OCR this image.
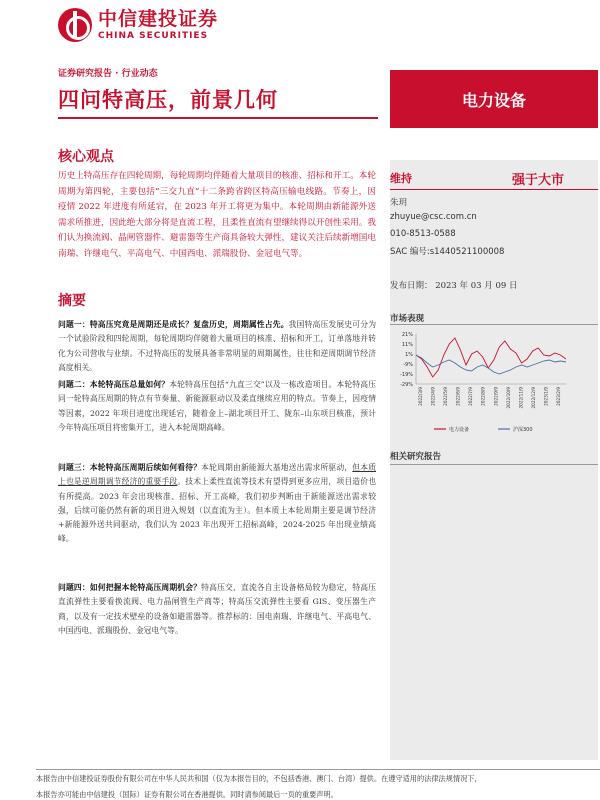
中信建投证券
CHINA SECURITIES
证券研究报告 · 行业动态
四问特高压，前景几何	电力设备
核心观点
历史上特高压存在四轮周期，每轮周期均伴随着大量项目的核准、招标和开工。本轮周期为第四轮，主要包括“三交九直”十二条跨省跨区特高压输电线路。节奏上，因疫情 2022 年进度有所延宕，在 2023 年开工将更为集中。本轮周期由新能源外送需求所推进，因此绝大部分将是直流工程，且柔性直流有望继续得以开创性采用。我们认为换流阀、晶闸管器件、避雷器等生产商具备较大弹性，建议关注后续新增国电南瑞、许继电气、平高电气、中国西电、派瑞股份、金冠电气等。
摘要
问题一：特高压究竟是周期还是成长？复盘历史，周期属性占先。我国特高压发展史可分为一个试验阶段和四轮周期，每轮周期均伴随着大量项目的核准、招标和开工，订单落地并转化为公司营收与业绩。不过特高压的发展具备非常明显的周期属性，往往和逆周期调节经济高度相关。
问题二：本轮特高压总量如何？本轮特高压包括“九直三交”以及一栋改造项目。本轮特高压同一轮特高压周期的特点有节奏量、新能源驱动以及柔直继续应用的特点。节奏上，因疫情等因素，2022 年项目进度出现延宕，随着金上–湖北项目开工、陇东–山东项目核准，预计今年特高压项目将密集开工，进入本轮周期高峰。
问题三：本轮特高压周期后续如何看待？本轮周期由新能源大基地送出需求所驱动，但本质上也是逆周期调节经济的重要手段。技术上柔性直流等技术有望得到更多应用，项目造价也有所提高。2023 年会出现核准、招标、开工高峰，我们初步判断由于新能源送出需求较强，后续可能仍然有新的项目进入规划（以直流为主）。但本质上本轮周期主要是调节经济+新能源外送共同驱动，我们认为 2023 年出现开工招标高峰，2024-2025 年出现业绩高峰。
问题四：如何把握本轮特高压周期机会？特高压交、直流各自主设备格局较为稳定，特高压直流弹性主要看换流阀、电力晶闸管生产商等；特高压交流弹性主要看 GIS、变压器生产商，以及有一定技术壁垒的设备如避雷器等。推荐标的：国电南瑞、许继电气、平高电气、中国西电、派瑞股份、金冠电气等。
维持	强于大市
朱玥
zhuyue@csc.com.cn
010-8513-0588
SAC 编号:s1440521100008
发布日期： 2023 年 03 月 09 日
市场表现
21%
11%
1%
-9%
-19%
-29%
2022/3/9 2022/4/9 2022/5/9 2022/6/9 2022/7/9 2022/8/9 2022/9/9 2022/10/9 2022/11/9 2022/12/9 2023/1/9 2023/2/9
电力设备	沪深300
相关研究报告
本报告由中信建投证券股份有限公司在中华人民共和国（仅为本报告目的，不包括香港、澳门、台湾）提供。在遵守适用的法律法规情况下，
本报告亦可能由中信建投（国际）证券有限公司在香港提供。同时请参阅最后一页的重要声明。
